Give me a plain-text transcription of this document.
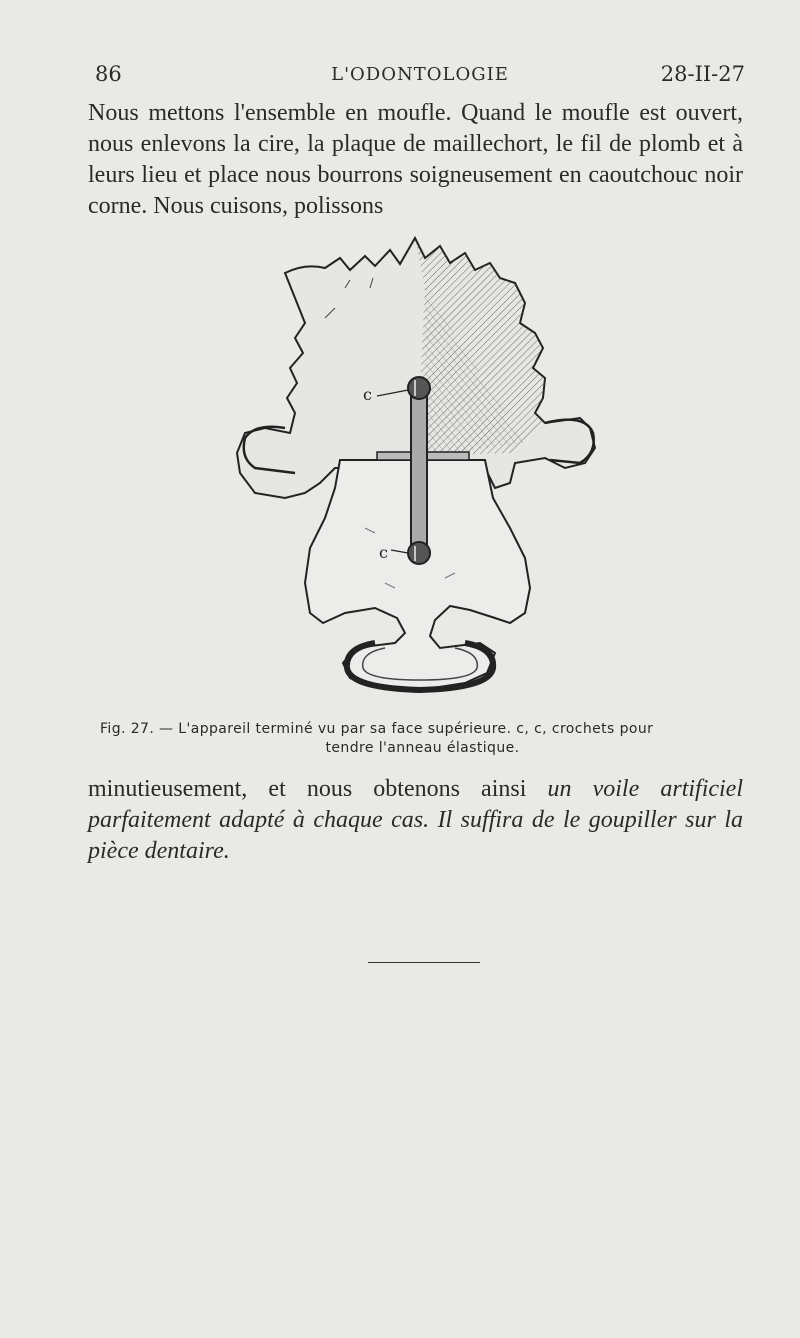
86	L'ODONTOLOGIE	28-II-27

Nous mettons l'ensemble en moufle. Quand le moufle est ouvert, nous enlevons la cire, la plaque de maillechort, le fil de plomb et à leurs lieu et place nous bourrons soigneusement en caoutchouc noir corne. Nous cuisons, polissons

c
c
Fig. 27. — L'appareil terminé vu par sa face supérieure. c, c, crochets pour
tendre l'anneau élastique.

minutieusement, et nous obtenons ainsi un voile artificiel parfaitement adapté à chaque cas. Il suffira de le goupiller sur la pièce dentaire.
